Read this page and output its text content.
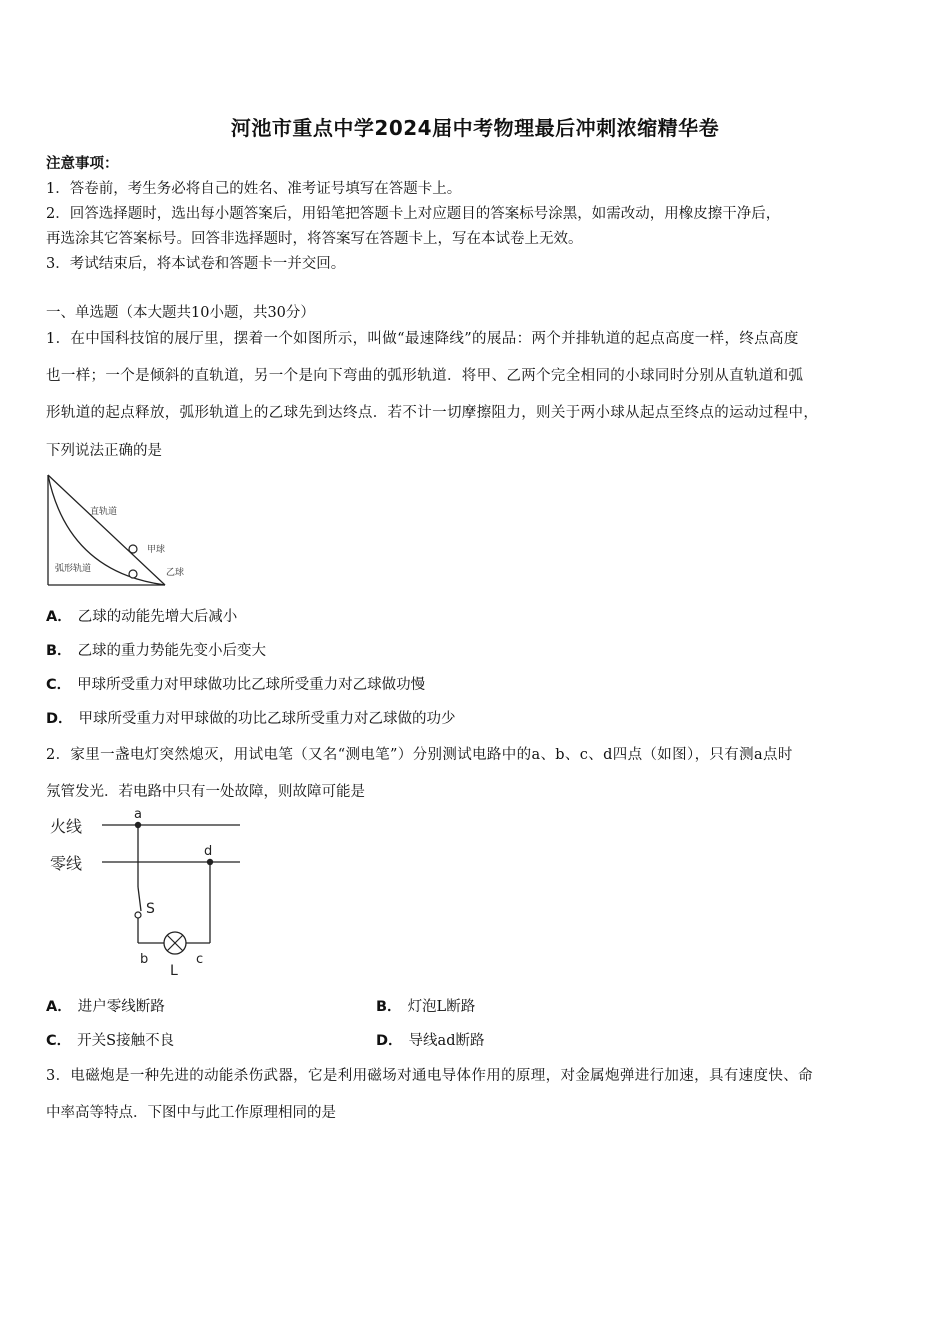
河池市重点中学2024届中考物理最后冲刺浓缩精华卷
注意事项：
1．答卷前，考生务必将自己的姓名、准考证号填写在答题卡上。
2．回答选择题时，选出每小题答案后，用铅笔把答题卡上对应题目的答案标号涂黑，如需改动，用橡皮擦干净后，
再选涂其它答案标号。回答非选择题时，将答案写在答题卡上，写在本试卷上无效。
3．考试结束后，将本试卷和答题卡一并交回。
一、单选题（本大题共10小题，共30分）
1．在中国科技馆的展厅里，摆着一个如图所示，叫做“最速降线”的展品：两个并排轨道的起点高度一样，终点高度
也一样；一个是倾斜的直轨道，另一个是向下弯曲的弧形轨道．将甲、乙两个完全相同的小球同时分别从直轨道和弧
形轨道的起点释放，弧形轨道上的乙球先到达终点．若不计一切摩擦阻力，则关于两小球从起点至终点的运动过程中，
下列说法正确的是
直轨道
甲球
弧形轨道	乙球
A． 乙球的动能先增大后减小
B． 乙球的重力势能先变小后变大
C． 甲球所受重力对甲球做功比乙球所受重力对乙球做功慢
D． 甲球所受重力对甲球做的功比乙球所受重力对乙球做的功少
2．家里一盏电灯突然熄灭，用试电笔（又名“测电笔”）分别测试电路中的a、b、c、d四点（如图），只有测a点时
氖管发光．若电路中只有一处故障，则故障可能是
火线
零线
a
d
S
b
L
c
A． 进户零线断路	B． 灯泡L断路
C． 开关S接触不良	D． 导线ad断路
3．电磁炮是一种先进的动能杀伤武器，它是利用磁场对通电导体作用的原理，对金属炮弹进行加速，具有速度快、命
中率高等特点．下图中与此工作原理相同的是
